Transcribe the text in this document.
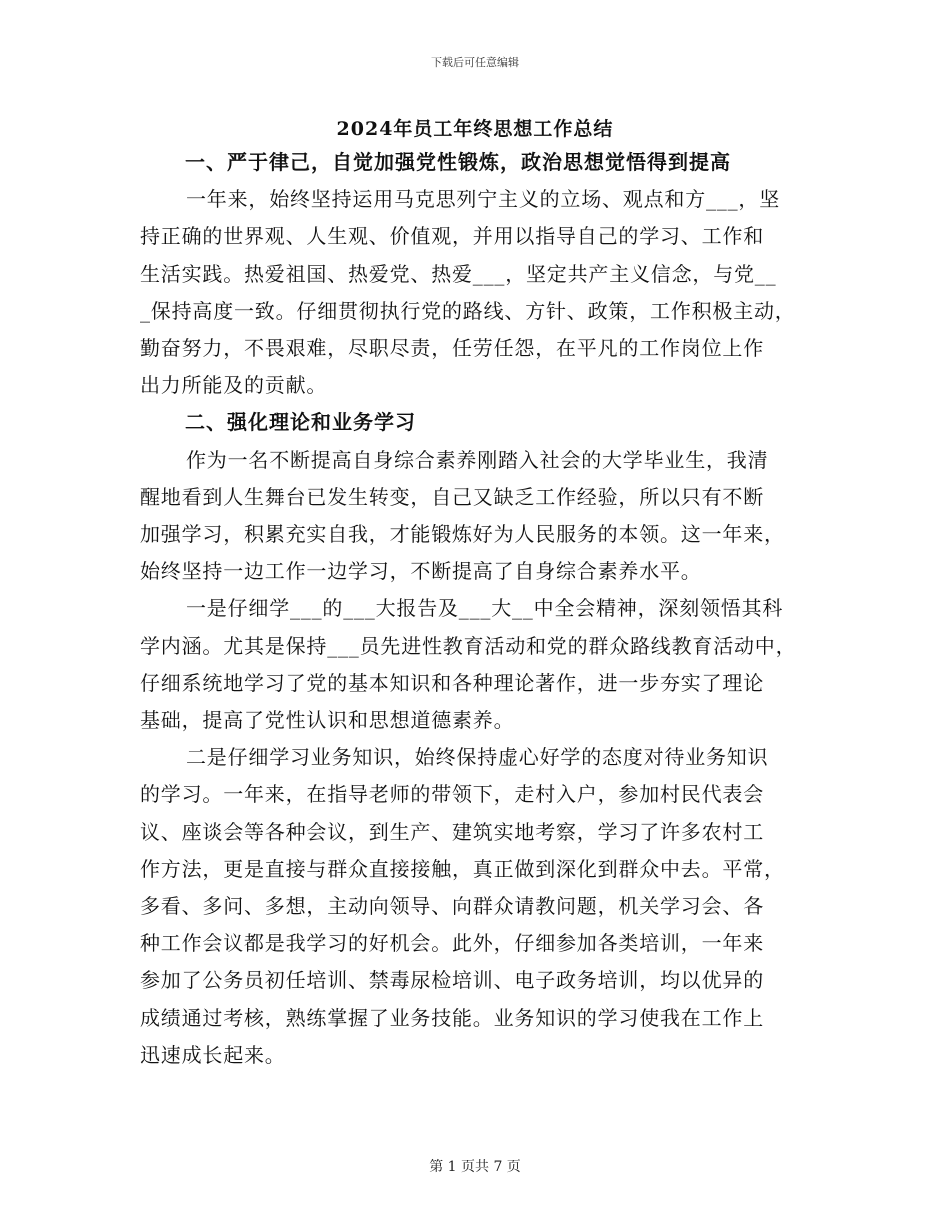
下载后可任意编辑
2024年员工年终思想工作总结

一、严于律己，自觉加强党性锻炼，政治思想觉悟得到提高

一年来，始终坚持运用马克思列宁主义的立场、观点和方___，坚

持正确的世界观、人生观、价值观，并用以指导自己的学习、工作和

生活实践。热爱祖国、热爱党、热爱___，坚定共产主义信念，与党__

_保持高度一致。仔细贯彻执行党的路线、方针、政策，工作积极主动，

勤奋努力，不畏艰难，尽职尽责，任劳任怨，在平凡的工作岗位上作

出力所能及的贡献。

二、强化理论和业务学习

作为一名不断提高自身综合素养刚踏入社会的大学毕业生，我清

醒地看到人生舞台已发生转变，自己又缺乏工作经验，所以只有不断

加强学习，积累充实自我，才能锻炼好为人民服务的本领。这一年来，

始终坚持一边工作一边学习，不断提高了自身综合素养水平。

一是仔细学___的___大报告及___大__中全会精神，深刻领悟其科

学内涵。尤其是保持___员先进性教育活动和党的群众路线教育活动中，

仔细系统地学习了党的基本知识和各种理论著作，进一步夯实了理论

基础，提高了党性认识和思想道德素养。

二是仔细学习业务知识，始终保持虚心好学的态度对待业务知识

的学习。一年来，在指导老师的带领下，走村入户，参加村民代表会

议、座谈会等各种会议，到生产、建筑实地考察，学习了许多农村工

作方法，更是直接与群众直接接触，真正做到深化到群众中去。平常，

多看、多问、多想，主动向领导、向群众请教问题，机关学习会、各

种工作会议都是我学习的好机会。此外，仔细参加各类培训，一年来

参加了公务员初任培训、禁毒尿检培训、电子政务培训，均以优异的

成绩通过考核，熟练掌握了业务技能。业务知识的学习使我在工作上

迅速成长起来。

第 1 页共 7 页
